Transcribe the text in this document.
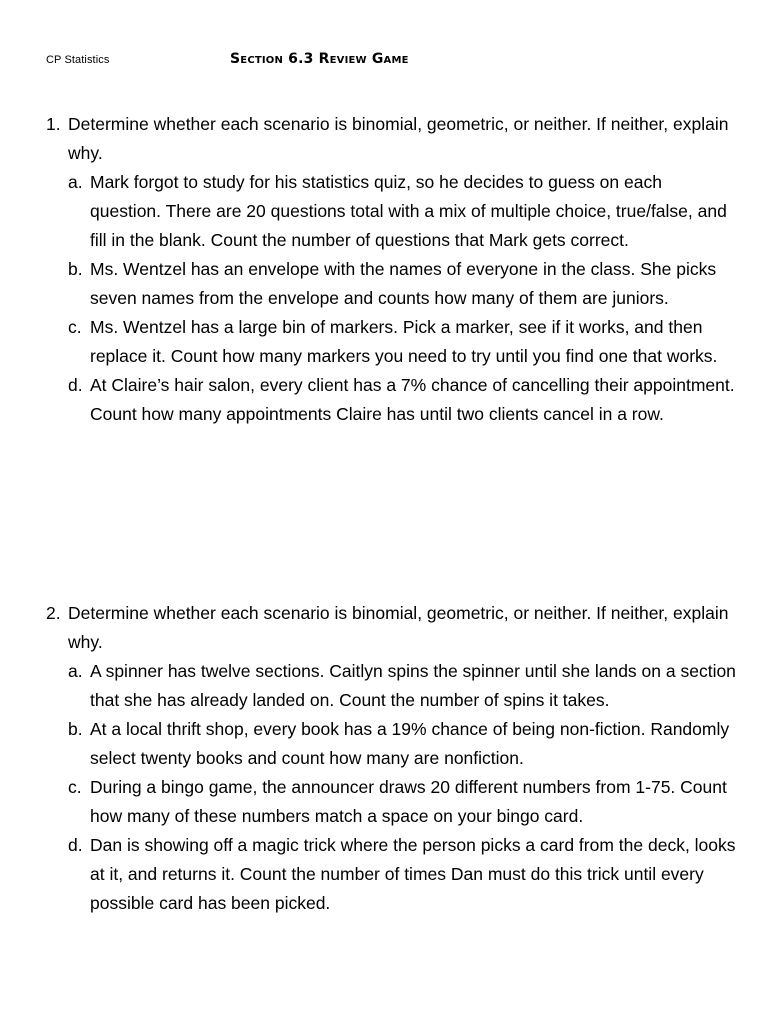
CP Statistics	Section 6.3 Review Game
1. Determine whether each scenario is binomial, geometric, or neither. If neither, explain why.
a. Mark forgot to study for his statistics quiz, so he decides to guess on each question. There are 20 questions total with a mix of multiple choice, true/false, and fill in the blank. Count the number of questions that Mark gets correct.
b. Ms. Wentzel has an envelope with the names of everyone in the class. She picks seven names from the envelope and counts how many of them are juniors.
c. Ms. Wentzel has a large bin of markers. Pick a marker, see if it works, and then replace it. Count how many markers you need to try until you find one that works.
d. At Claire’s hair salon, every client has a 7% chance of cancelling their appointment. Count how many appointments Claire has until two clients cancel in a row.
2. Determine whether each scenario is binomial, geometric, or neither. If neither, explain why.
a. A spinner has twelve sections. Caitlyn spins the spinner until she lands on a section that she has already landed on. Count the number of spins it takes.
b. At a local thrift shop, every book has a 19% chance of being non-fiction. Randomly select twenty books and count how many are nonfiction.
c. During a bingo game, the announcer draws 20 different numbers from 1-75. Count how many of these numbers match a space on your bingo card.
d. Dan is showing off a magic trick where the person picks a card from the deck, looks at it, and returns it. Count the number of times Dan must do this trick until every possible card has been picked.
